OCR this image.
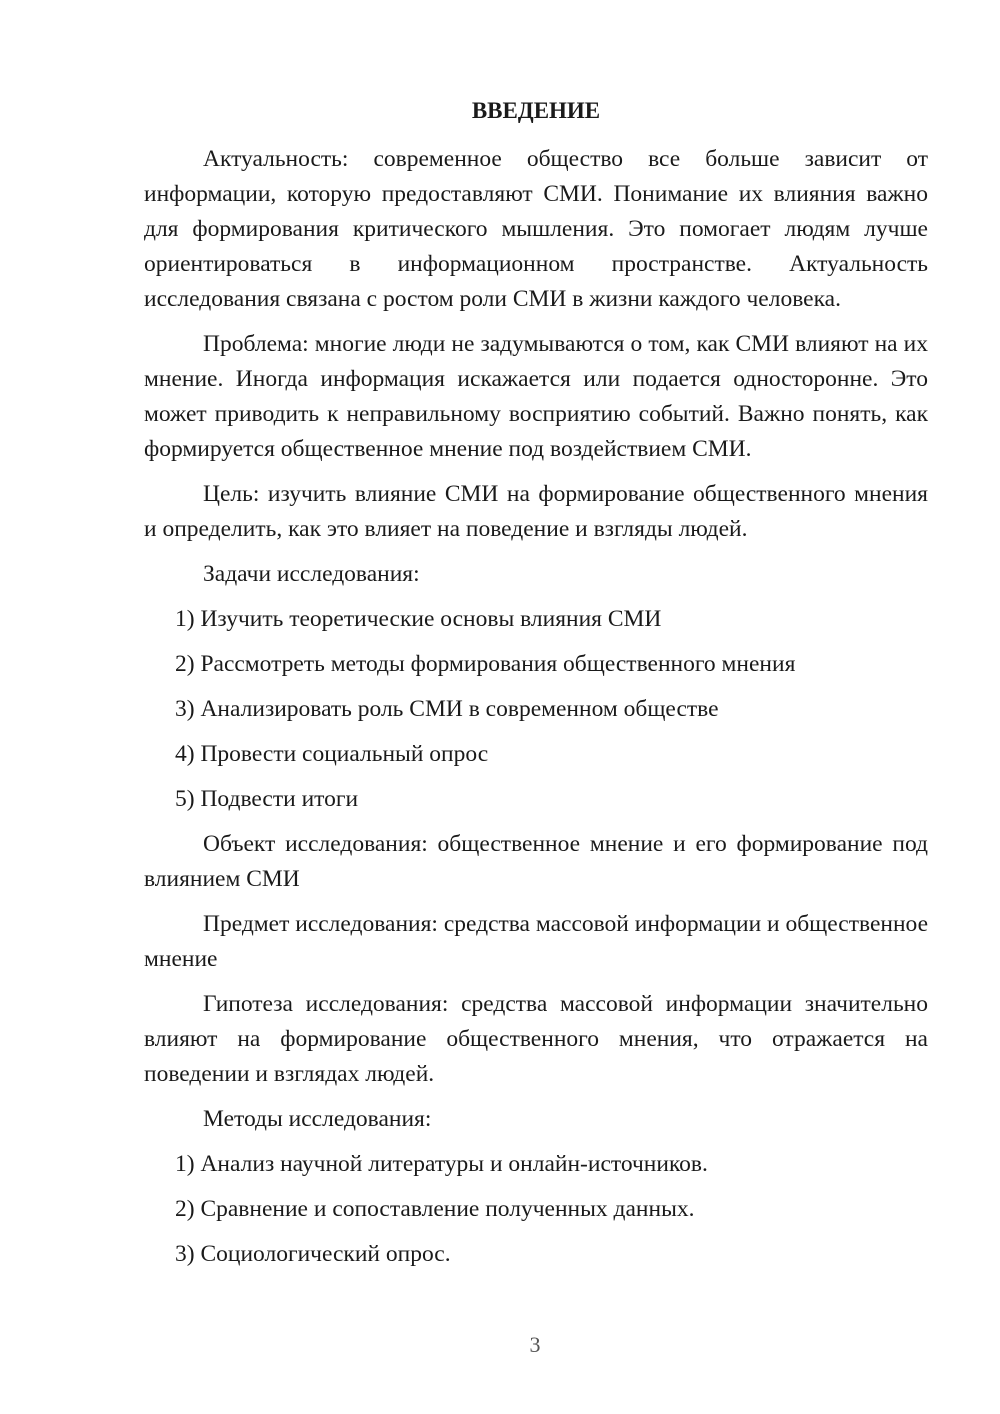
ВВЕДЕНИЕ

Актуальность: современное общество все больше зависит от информации, которую предоставляют СМИ. Понимание их влияния важно для формирования критического мышления. Это помогает людям лучше ориентироваться в информационном пространстве. Актуальность исследования связана с ростом роли СМИ в жизни каждого человека.

Проблема: многие люди не задумываются о том, как СМИ влияют на их мнение. Иногда информация искажается или подается односторонне. Это может приводить к неправильному восприятию событий. Важно понять, как формируется общественное мнение под воздействием СМИ.

Цель: изучить влияние СМИ на формирование общественного мнения и определить, как это влияет на поведение и взгляды людей.

Задачи исследования:

1) Изучить теоретические основы влияния СМИ

2) Рассмотреть методы формирования общественного мнения

3) Анализировать роль СМИ в современном обществе

4) Провести социальный опрос

5) Подвести итоги

Объект исследования: общественное мнение и его формирование под влиянием СМИ

Предмет исследования: средства массовой информации и общественное мнение

Гипотеза исследования: средства массовой информации значительно влияют на формирование общественного мнения, что отражается на поведении и взглядах людей.

Методы исследования:

1) Анализ научной литературы и онлайн-источников.

2) Сравнение и сопоставление полученных данных.

3) Социологический опрос.

3
